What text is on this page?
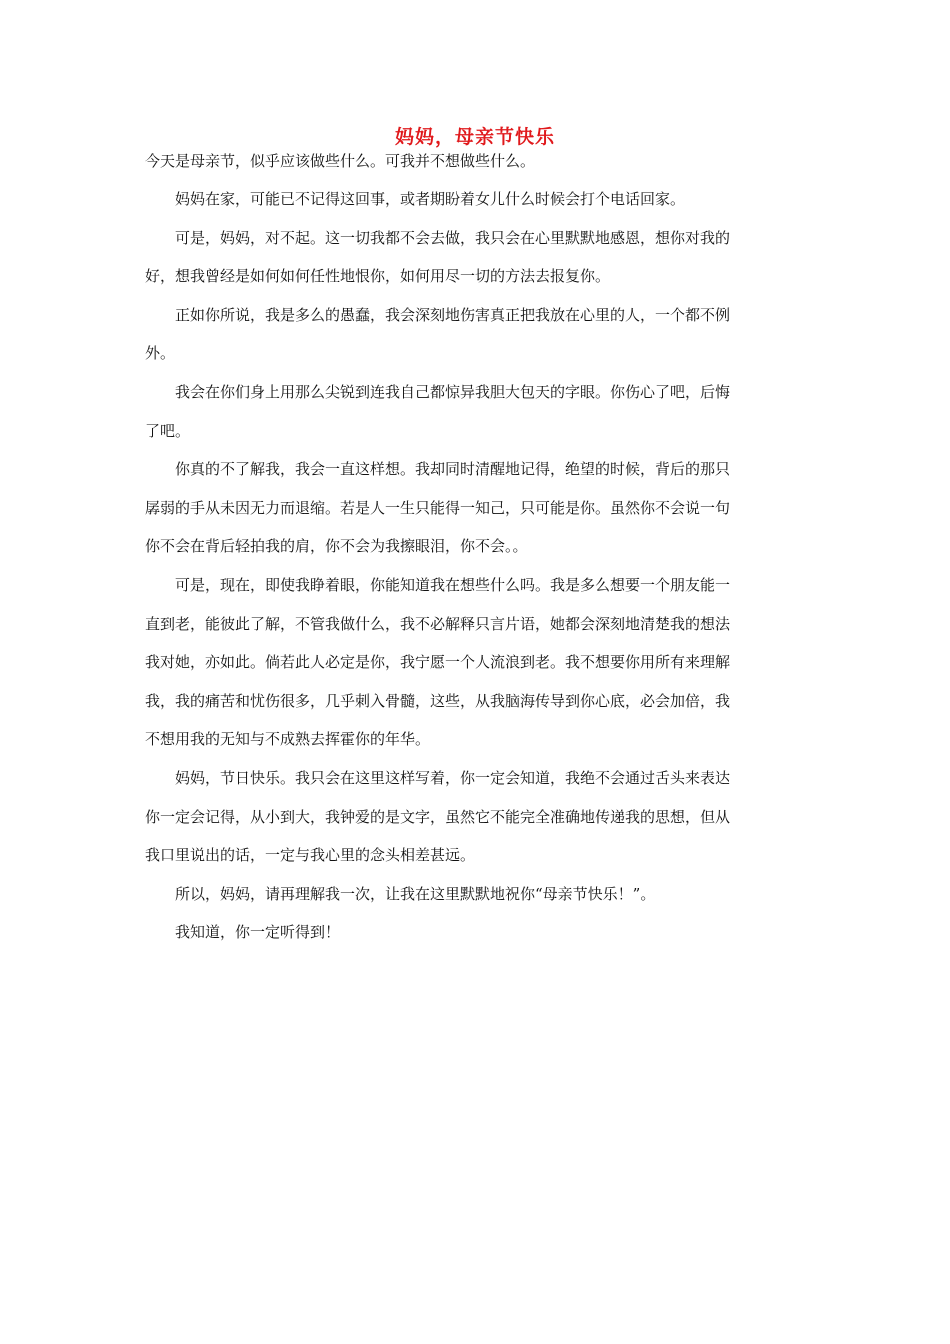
妈妈，母亲节快乐

今天是母亲节，似乎应该做些什么。可我并不想做些什么。

妈妈在家，可能已不记得这回事，或者期盼着女儿什么时候会打个电话回家。

可是，妈妈，对不起。这一切我都不会去做，我只会在心里默默地感恩，想你对我的
好，想我曾经是如何如何任性地恨你，如何用尽一切的方法去报复你。

正如你所说，我是多么的愚蠢，我会深刻地伤害真正把我放在心里的人，一个都不例
外。

我会在你们身上用那么尖锐到连我自己都惊异我胆大包天的字眼。你伤心了吧，后悔
了吧。

你真的不了解我，我会一直这样想。我却同时清醒地记得，绝望的时候，背后的那只
孱弱的手从未因无力而退缩。若是人一生只能得一知己，只可能是你。虽然你不会说一句
你不会在背后轻拍我的肩，你不会为我擦眼泪，你不会。。

可是，现在，即使我睁着眼，你能知道我在想些什么吗。我是多么想要一个朋友能一
直到老，能彼此了解，不管我做什么，我不必解释只言片语，她都会深刻地清楚我的想法
我对她，亦如此。倘若此人必定是你，我宁愿一个人流浪到老。我不想要你用所有来理解
我，我的痛苦和忧伤很多，几乎刺入骨髓，这些，从我脑海传导到你心底，必会加倍，我
不想用我的无知与不成熟去挥霍你的年华。

妈妈，节日快乐。我只会在这里这样写着，你一定会知道，我绝不会通过舌头来表达
你一定会记得，从小到大，我钟爱的是文字，虽然它不能完全准确地传递我的思想，但从
我口里说出的话，一定与我心里的念头相差甚远。

所以，妈妈，请再理解我一次，让我在这里默默地祝你“母亲节快乐！”。

我知道，你一定听得到！
